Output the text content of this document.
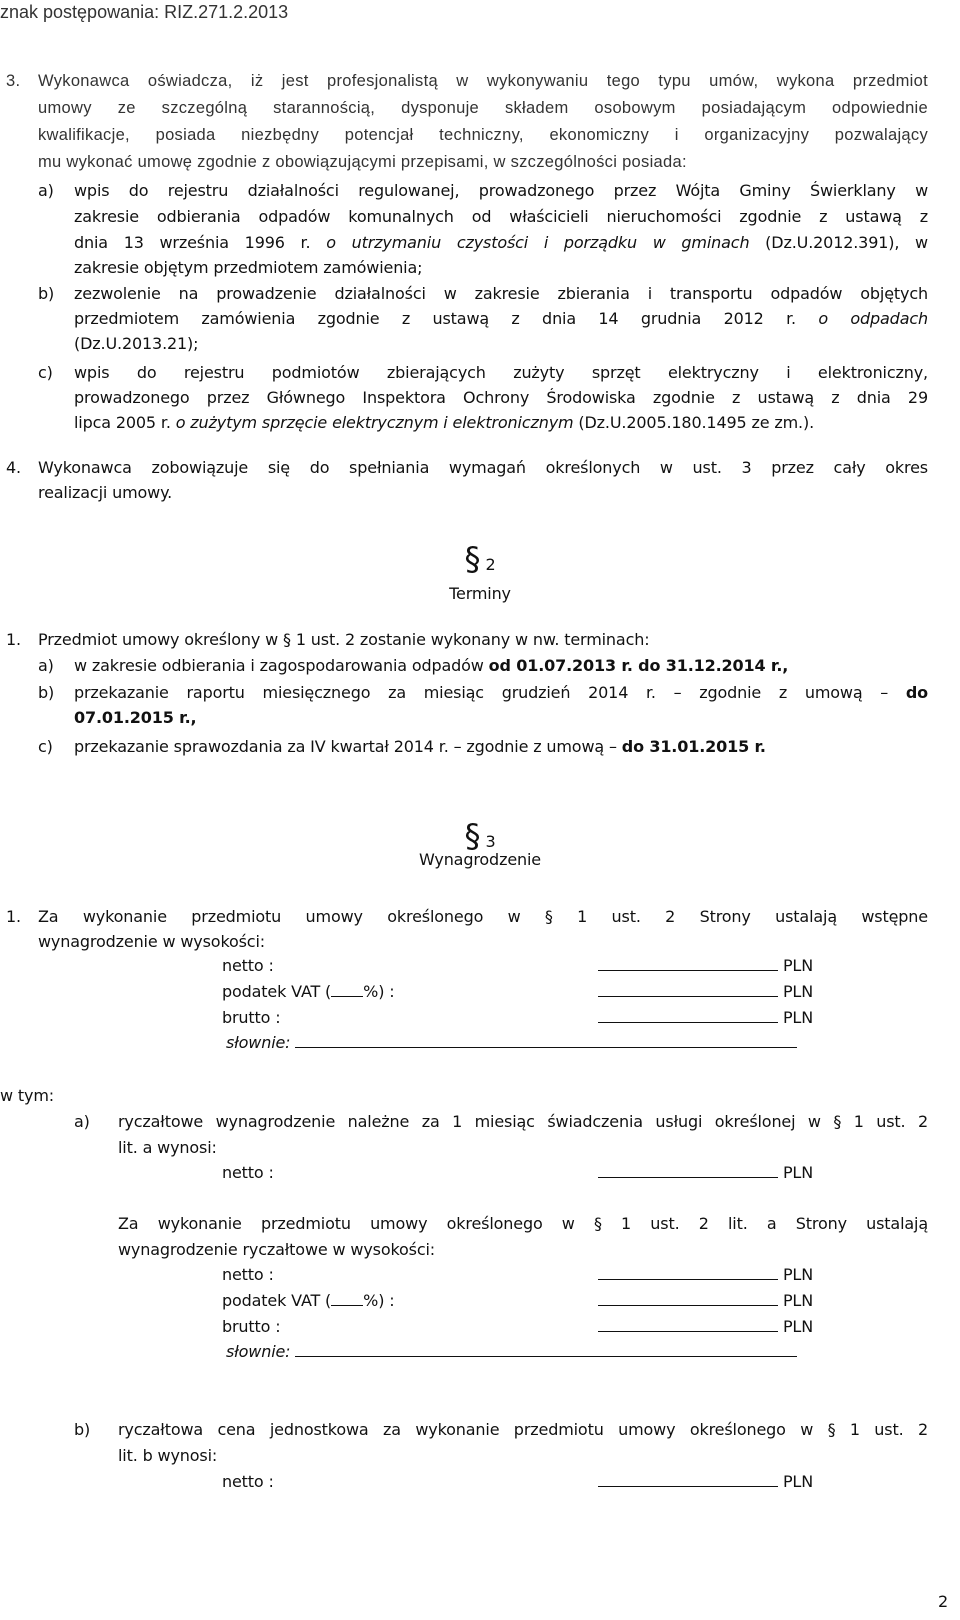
znak postępowania: RIZ.271.2.2013
3. Wykonawca oświadcza, iż jest profesjonalistą w wykonywaniu tego typu umów, wykona przedmiot
umowy ze szczególną starannością, dysponuje składem osobowym posiadającym odpowiednie
kwalifikacje, posiada niezbędny potencjał techniczny, ekonomiczny i organizacyjny pozwalający
mu wykonać umowę zgodnie z obowiązującymi przepisami, w szczególności posiada:
a) wpis do rejestru działalności regulowanej, prowadzonego przez Wójta Gminy Świerklany w
zakresie odbierania odpadów komunalnych od właścicieli nieruchomości zgodnie z ustawą z
dnia 13 września 1996 r. o utrzymaniu czystości i porządku w gminach (Dz.U.2012.391), w
zakresie objętym przedmiotem zamówienia;
b) zezwolenie na prowadzenie działalności w zakresie zbierania i transportu odpadów objętych
przedmiotem zamówienia zgodnie z ustawą z dnia 14 grudnia 2012 r. o odpadach
(Dz.U.2013.21);
c) wpis do rejestru podmiotów zbierających zużyty sprzęt elektryczny i elektroniczny,
prowadzonego przez Głównego Inspektora Ochrony Środowiska zgodnie z ustawą z dnia 29
lipca 2005 r. o zużytym sprzęcie elektrycznym i elektronicznym (Dz.U.2005.180.1495 ze zm.).
4. Wykonawca zobowiązuje się do spełniania wymagań określonych w ust. 3 przez cały okres
realizacji umowy.
§ 2
Terminy
1. Przedmiot umowy określony w § 1 ust. 2 zostanie wykonany w nw. terminach:
a) w zakresie odbierania i zagospodarowania odpadów od 01.07.2013 r. do 31.12.2014 r.,
b) przekazanie raportu miesięcznego za miesiąc grudzień 2014 r. – zgodnie z umową – do
07.01.2015 r.,
c) przekazanie sprawozdania za IV kwartał 2014 r. – zgodnie z umową – do 31.01.2015 r.
§ 3
Wynagrodzenie
1. Za wykonanie przedmiotu umowy określonego w § 1 ust. 2 Strony ustalają wstępne
wynagrodzenie w wysokości:
netto :	PLN
podatek VAT ( %) :	PLN
brutto :	PLN
słownie:
w tym:
a) ryczałtowe wynagrodzenie należne za 1 miesiąc świadczenia usługi określonej w § 1 ust. 2
lit. a wynosi:
netto :	PLN
Za wykonanie przedmiotu umowy określonego w § 1 ust. 2 lit. a Strony ustalają
wynagrodzenie ryczałtowe w wysokości:
netto :	PLN
podatek VAT ( %) :	PLN
brutto :	PLN
słownie:
b) ryczałtowa cena jednostkowa za wykonanie przedmiotu umowy określonego w § 1 ust. 2
lit. b wynosi:
netto :	PLN
2
